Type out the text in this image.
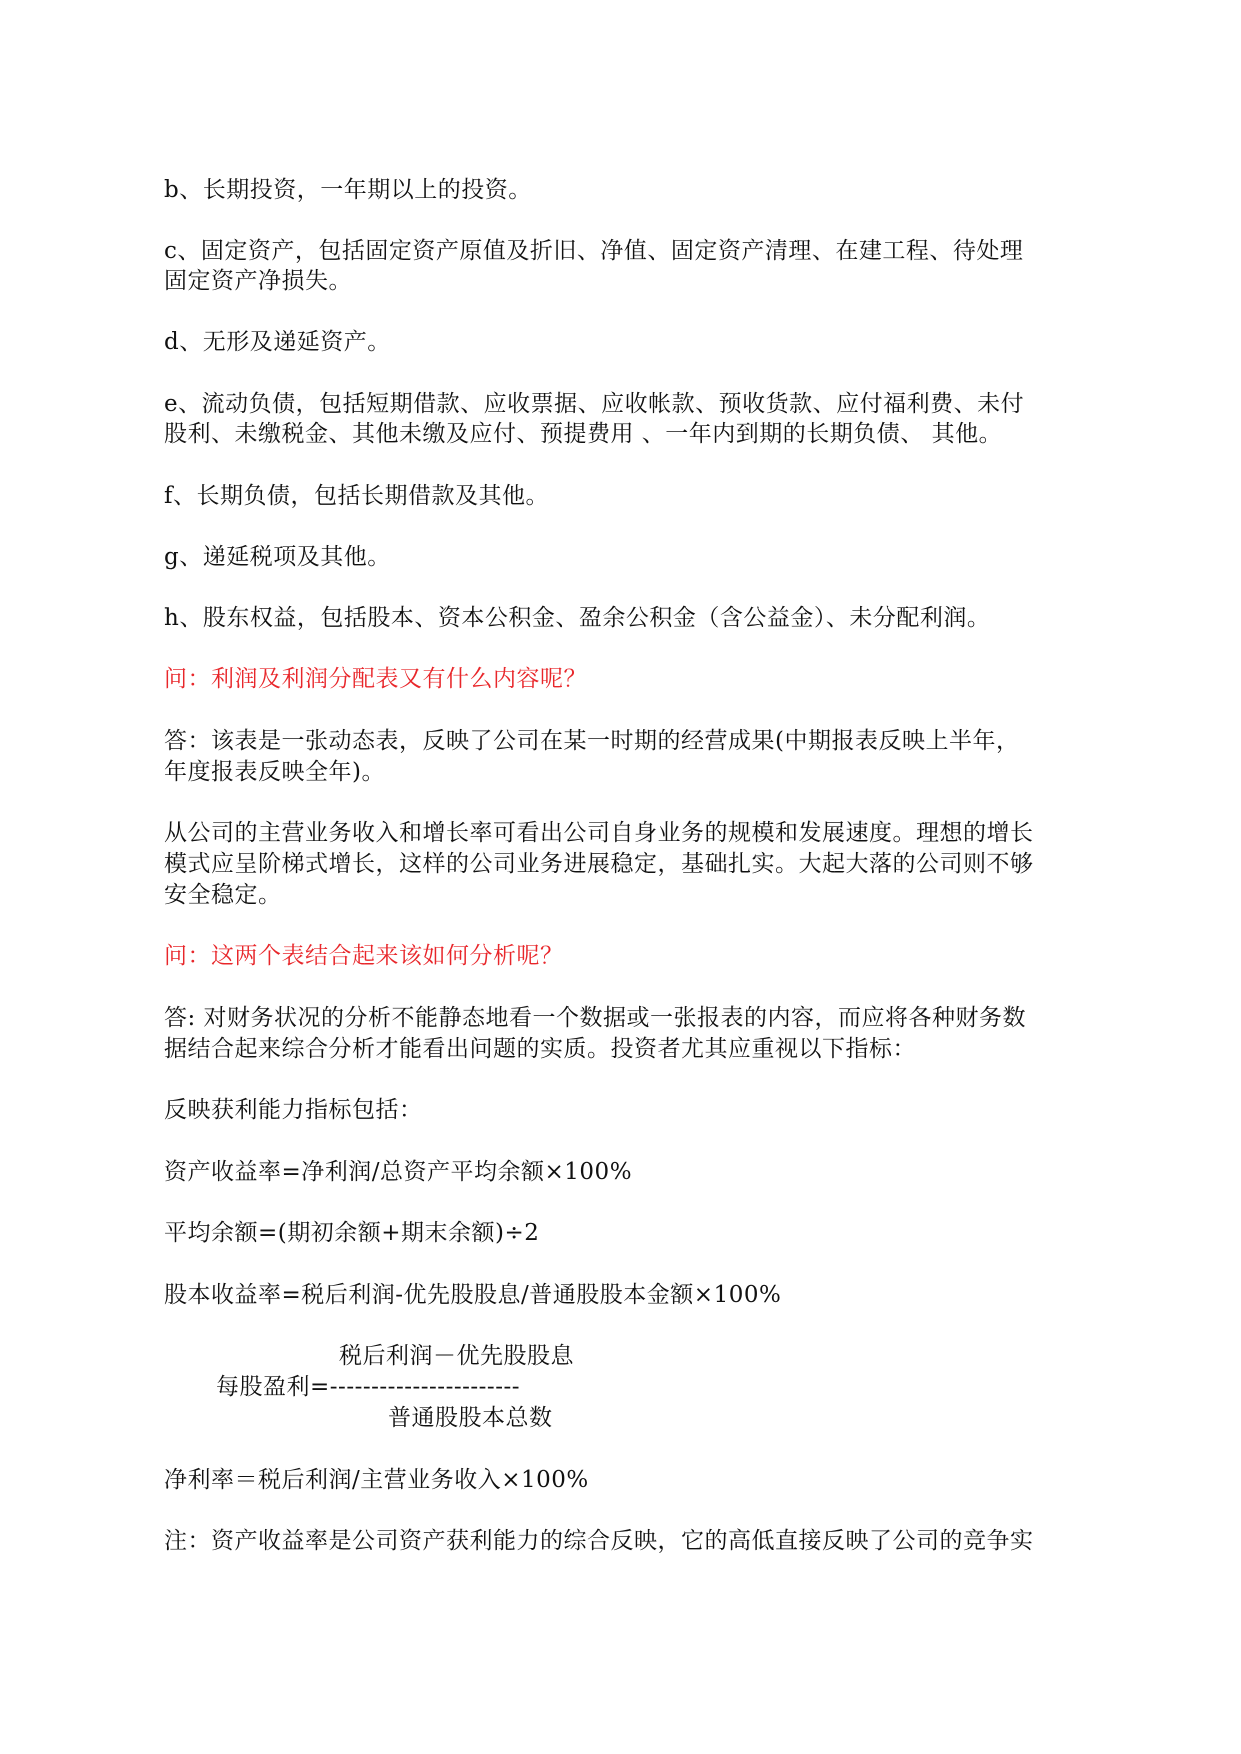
b、长期投资，一年期以上的投资。
c、固定资产，包括固定资产原值及折旧、净值、固定资产清理、在建工程、待处理
固定资产净损失。
d、无形及递延资产。
e、流动负债，包括短期借款、应收票据、应收帐款、预收货款、应付福利费、未付
股利、未缴税金、其他未缴及应付、预提费用 、一年内到期的长期负债、 其他。
f、长期负债，包括长期借款及其他。
g、递延税项及其他。
h、股东权益，包括股本、资本公积金、盈余公积金（含公益金）、未分配利润。
问：利润及利润分配表又有什么内容呢？
答：该表是一张动态表，反映了公司在某一时期的经营成果(中期报表反映上半年，
年度报表反映全年)。
从公司的主营业务收入和增长率可看出公司自身业务的规模和发展速度。理想的增长
模式应呈阶梯式增长，这样的公司业务进展稳定，基础扎实。大起大落的公司则不够
安全稳定。
问：这两个表结合起来该如何分析呢？
答: 对财务状况的分析不能静态地看一个数据或一张报表的内容，而应将各种财务数
据结合起来综合分析才能看出问题的实质。投资者尤其应重视以下指标：
反映获利能力指标包括：
资产收益率=净利润/总资产平均余额×100%
平均余额=(期初余额+期末余额)÷2
股本收益率=税后利润-优先股股息/普通股股本金额×100%
税后利润－优先股股息
每股盈利=-----------------------
普通股股本总数
净利率＝税后利润/主营业务收入×100%
注：资产收益率是公司资产获利能力的综合反映，它的高低直接反映了公司的竞争实
